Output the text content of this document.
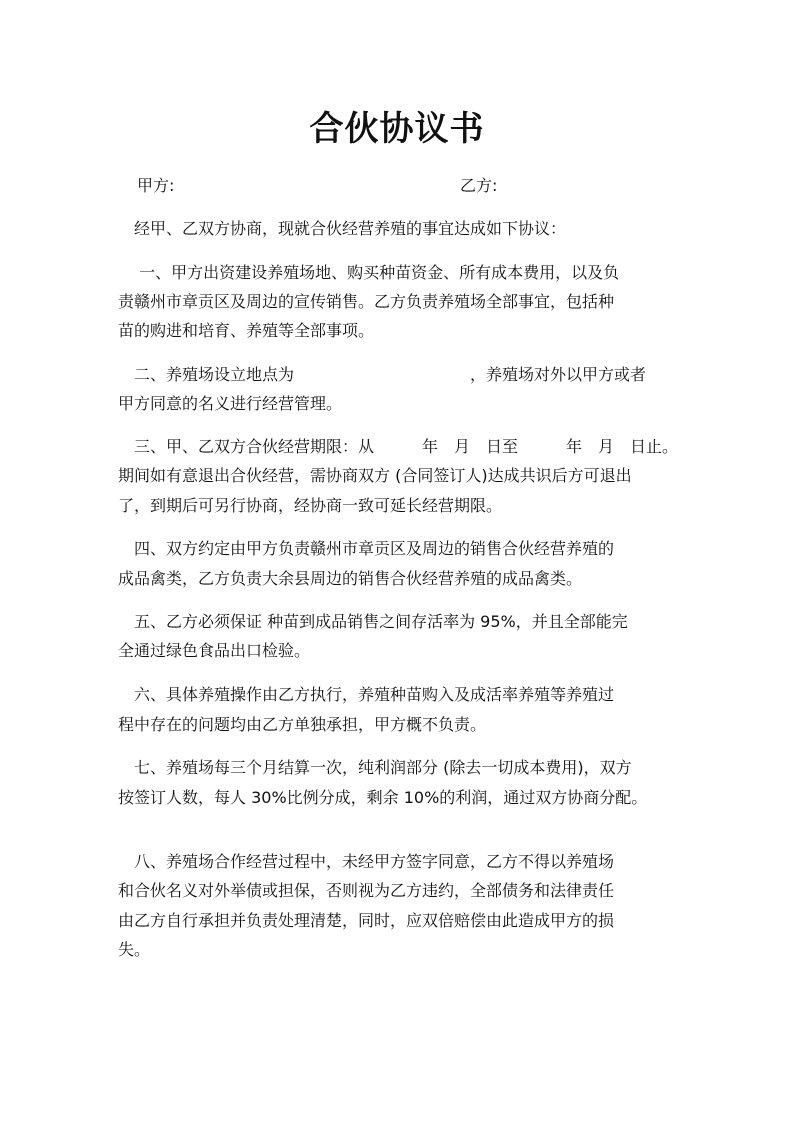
合伙协议书
甲方:	乙方:
　经甲、乙双方协商，现就合伙经营养殖的事宜达成如下协议：
　 一、甲方出资建设养殖场地、购买种苗资金、所有成本费用，以及负
责赣州市章贡区及周边的宣传销售。乙方负责养殖场全部事宜，包括种
苗的购进和培育、养殖等全部事项。
　二、养殖场设立地点为　　　　　　　　　　　，养殖场对外以甲方或者
甲方同意的名义进行经营管理。
　三、甲、乙双方合伙经营期限：从　　　年　月　日至　　　年　月　日止。
期间如有意退出合伙经营，需协商双方 (合同签订人)达成共识后方可退出
了，到期后可另行协商，经协商一致可延长经营期限。
　四、双方约定由甲方负责赣州市章贡区及周边的销售合伙经营养殖的
成品禽类，乙方负责大余县周边的销售合伙经营养殖的成品禽类。
　五、乙方必须保证 种苗到成品销售之间存活率为 95%，并且全部能完
全通过绿色食品出口检验。
　六、具体养殖操作由乙方执行，养殖种苗购入及成活率养殖等养殖过
程中存在的问题均由乙方单独承担，甲方概不负责。
　七、养殖场每三个月结算一次，纯利润部分 (除去一切成本费用)，双方
按签订人数，每人 30%比例分成，剩余 10%的利润，通过双方协商分配。
　八、养殖场合作经营过程中，未经甲方签字同意，乙方不得以养殖场
和合伙名义对外举债或担保，否则视为乙方违约，全部债务和法律责任
由乙方自行承担并负责处理清楚，同时，应双倍赔偿由此造成甲方的损
失。
